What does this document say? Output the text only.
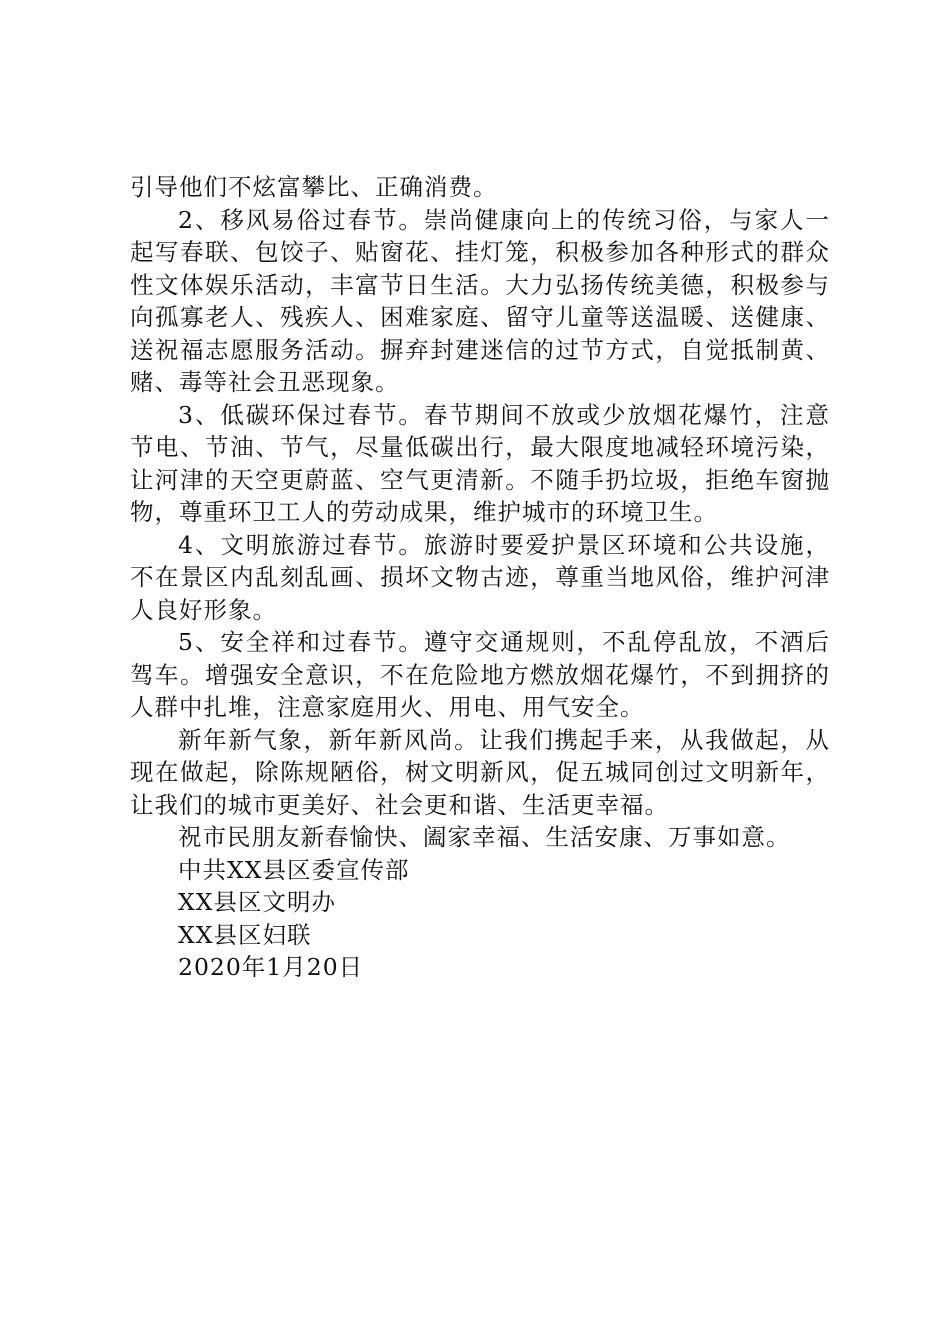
引导他们不炫富攀比、正确消费。

2、移风易俗过春节。崇尚健康向上的传统习俗，与家人一起写春联、包饺子、贴窗花、挂灯笼，积极参加各种形式的群众性文体娱乐活动，丰富节日生活。大力弘扬传统美德，积极参与向孤寡老人、残疾人、困难家庭、留守儿童等送温暖、送健康、送祝福志愿服务活动。摒弃封建迷信的过节方式，自觉抵制黄、赌、毒等社会丑恶现象。

3、低碳环保过春节。春节期间不放或少放烟花爆竹，注意节电、节油、节气，尽量低碳出行，最大限度地减轻环境污染，让河津的天空更蔚蓝、空气更清新。不随手扔垃圾，拒绝车窗抛物，尊重环卫工人的劳动成果，维护城市的环境卫生。

4、文明旅游过春节。旅游时要爱护景区环境和公共设施，不在景区内乱刻乱画、损坏文物古迹，尊重当地风俗，维护河津人良好形象。

5、安全祥和过春节。遵守交通规则，不乱停乱放，不酒后驾车。增强安全意识，不在危险地方燃放烟花爆竹，不到拥挤的人群中扎堆，注意家庭用火、用电、用气安全。

新年新气象，新年新风尚。让我们携起手来，从我做起，从现在做起，除陈规陋俗，树文明新风，促五城同创过文明新年，让我们的城市更美好、社会更和谐、生活更幸福。

祝市民朋友新春愉快、阖家幸福、生活安康、万事如意。

中共XX县区委宣传部

XX县区文明办

XX县区妇联

2020年1月20日
